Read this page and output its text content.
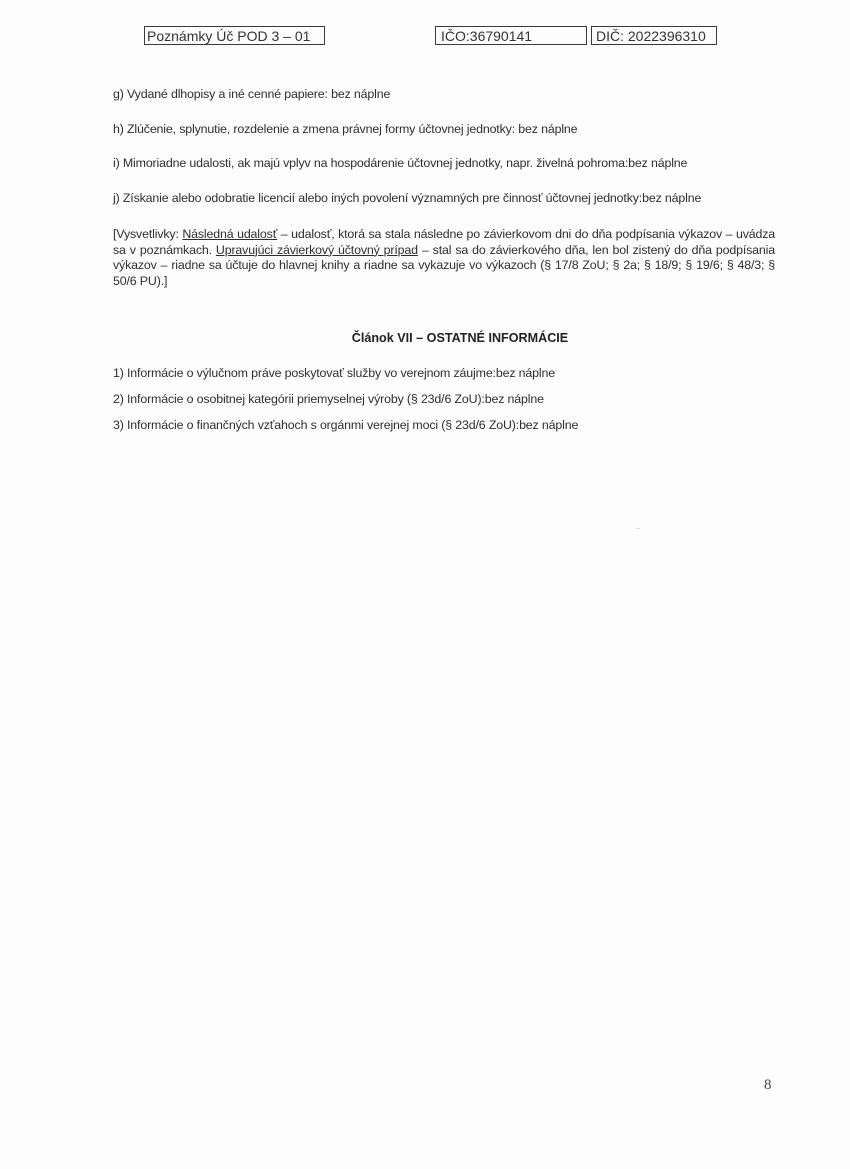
Poznámky Úč POD 3 – 01	IČO:36790141	DIČ: 2022396310
g) Vydané dlhopisy a iné cenné papiere: bez náplne
h) Zlúčenie, splynutie, rozdelenie a zmena právnej formy účtovnej jednotky: bez náplne
i) Mimoriadne udalosti, ak majú vplyv na hospodárenie účtovnej jednotky, napr. živelná pohroma:bez náplne
j) Získanie alebo odobratie licencií alebo iných povolení významných pre činnosť účtovnej jednotky:bez náplne
[Vysvetlivky: Následná udalosť – udalosť, ktorá sa stala následne po závierkovom dni do dňa podpísania výkazov – uvádza sa v poznámkach. Upravujúci závierkový účtovný prípad – stal sa do závierkového dňa, len bol zistený do dňa podpísania výkazov – riadne sa účtuje do hlavnej knihy a riadne sa vykazuje vo výkazoch (§ 17/8 ZoU; § 2a; § 18/9; § 19/6; § 48/3; § 50/6 PU).]
Článok VII – OSTATNÉ INFORMÁCIE
1) Informácie o výlučnom práve poskytovať služby vo verejnom záujme:bez náplne
2) Informácie o osobitnej kategórii priemyselnej výroby (§ 23d/6 ZoU):bez náplne
3) Informácie o finančných vzťahoch s orgánmi verejnej moci (§ 23d/6 ZoU):bez náplne
~
8
